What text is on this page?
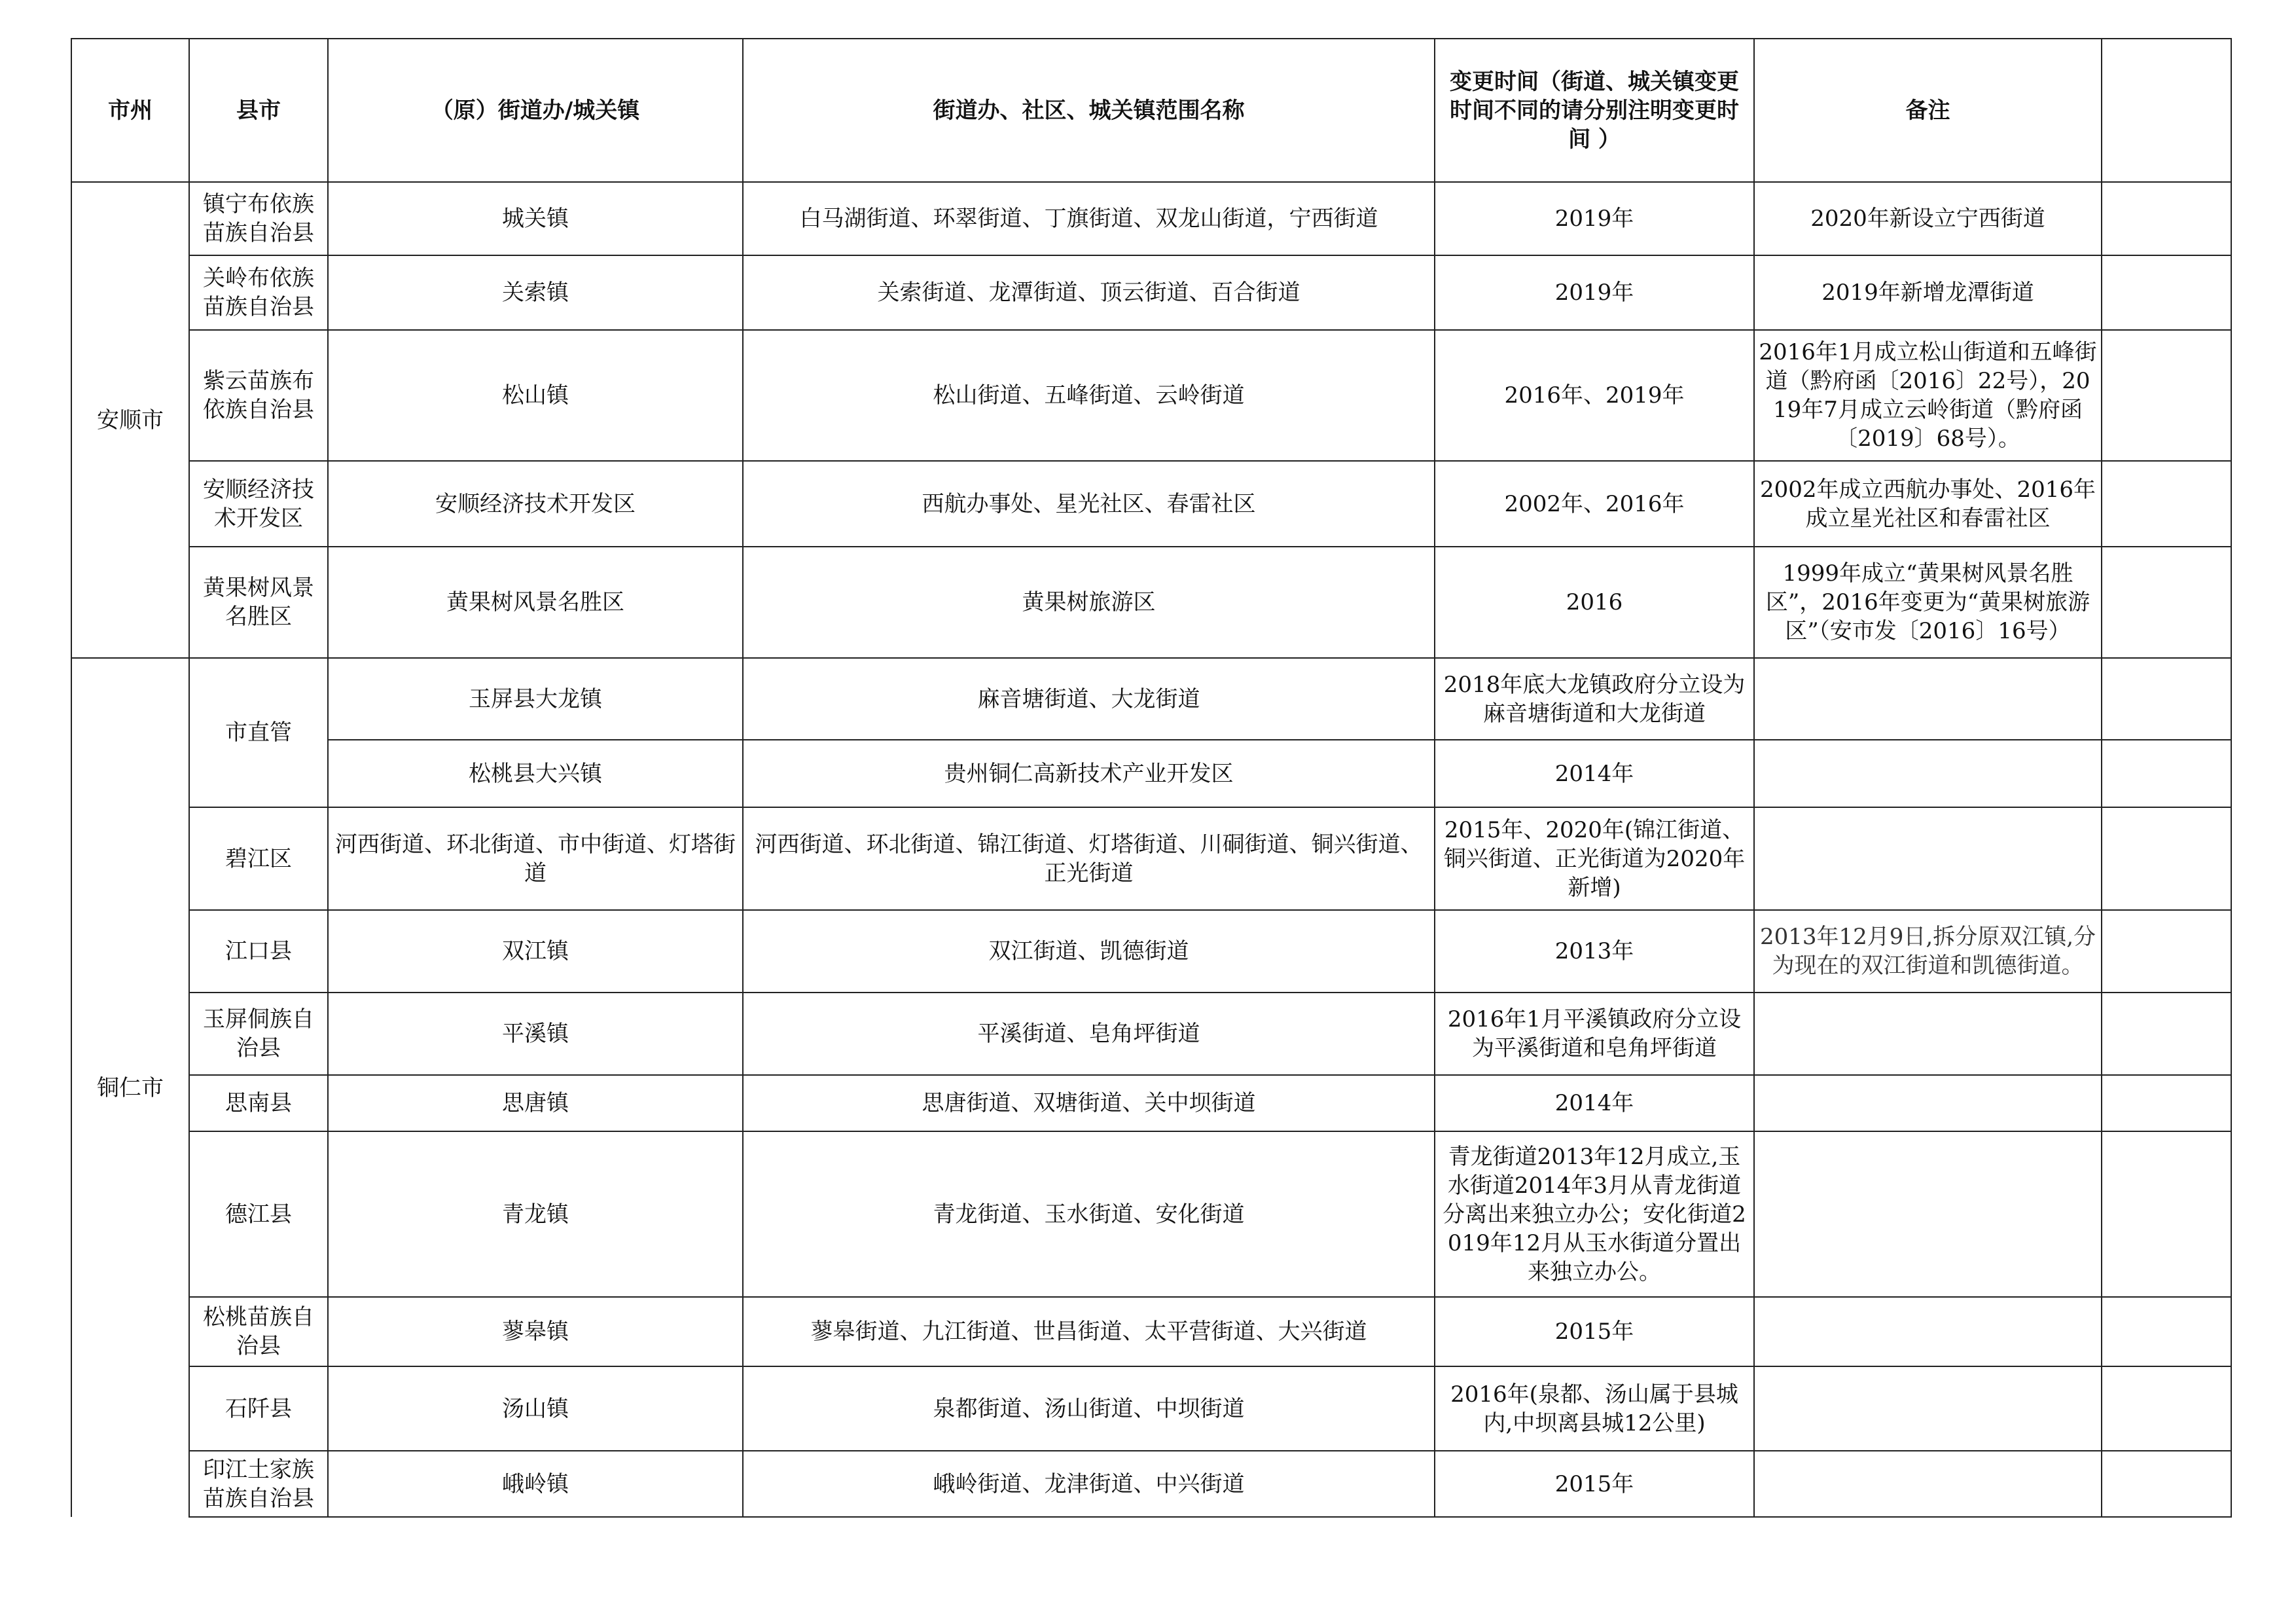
市州	县市	（原）街道办/城关镇	街道办、社区、城关镇范围名称	变更时间（街道、城关镇变更时间不同的请分别注明变更时间 ）	备注	
安顺市	镇宁布依族苗族自治县	城关镇	白马湖街道、环翠街道、丁旗街道、双龙山街道，宁西街道	2019年	2020年新设立宁西街道	
	关岭布依族苗族自治县	关索镇	关索街道、龙潭街道、顶云街道、百合街道	2019年	2019年新增龙潭街道	
	紫云苗族布依族自治县	松山镇	松山街道、五峰街道、云岭街道	2016年、2019年	2016年1月成立松山街道和五峰街道（黔府函〔2016〕22号），2019年7月成立云岭街道（黔府函〔2019〕68号）。	
	安顺经济技术开发区	安顺经济技术开发区	西航办事处、星光社区、春雷社区	2002年、2016年	2002年成立西航办事处、2016年成立星光社区和春雷社区	
	黄果树风景名胜区	黄果树风景名胜区	黄果树旅游区	2016	1999年成立“黄果树风景名胜区”，2016年变更为“黄果树旅游区”（安市发〔2016〕16号）	
铜仁市	市直管	玉屏县大龙镇	麻音塘街道、大龙街道	2018年底大龙镇政府分立设为麻音塘街道和大龙街道		
		松桃县大兴镇	贵州铜仁高新技术产业开发区	2014年		
	碧江区	河西街道、环北街道、市中街道、灯塔街道	河西街道、环北街道、锦江街道、灯塔街道、川硐街道、铜兴街道、正光街道	2015年、2020年(锦江街道、铜兴街道、正光街道为2020年新增)		
	江口县	双江镇	双江街道、凯德街道	2013年	2013年12月9日,拆分原双江镇,分为现在的双江街道和凯德街道。	
	玉屏侗族自治县	平溪镇	平溪街道、皂角坪街道	2016年1月平溪镇政府分立设为平溪街道和皂角坪街道		
	思南县	思唐镇	思唐街道、双塘街道、关中坝街道	2014年		
	德江县	青龙镇	青龙街道、玉水街道、安化街道	青龙街道2013年12月成立,玉水街道2014年3月从青龙街道分离出来独立办公；安化街道2019年12月从玉水街道分置出来独立办公。		
	松桃苗族自治县	蓼皋镇	蓼皋街道、九江街道、世昌街道、太平营街道、大兴街道	2015年		
	石阡县	汤山镇	泉都街道、汤山街道、中坝街道	2016年(泉都、汤山属于县城内,中坝离县城12公里)		
	印江土家族苗族自治县	峨岭镇	峨岭街道、龙津街道、中兴街道	2015年		
